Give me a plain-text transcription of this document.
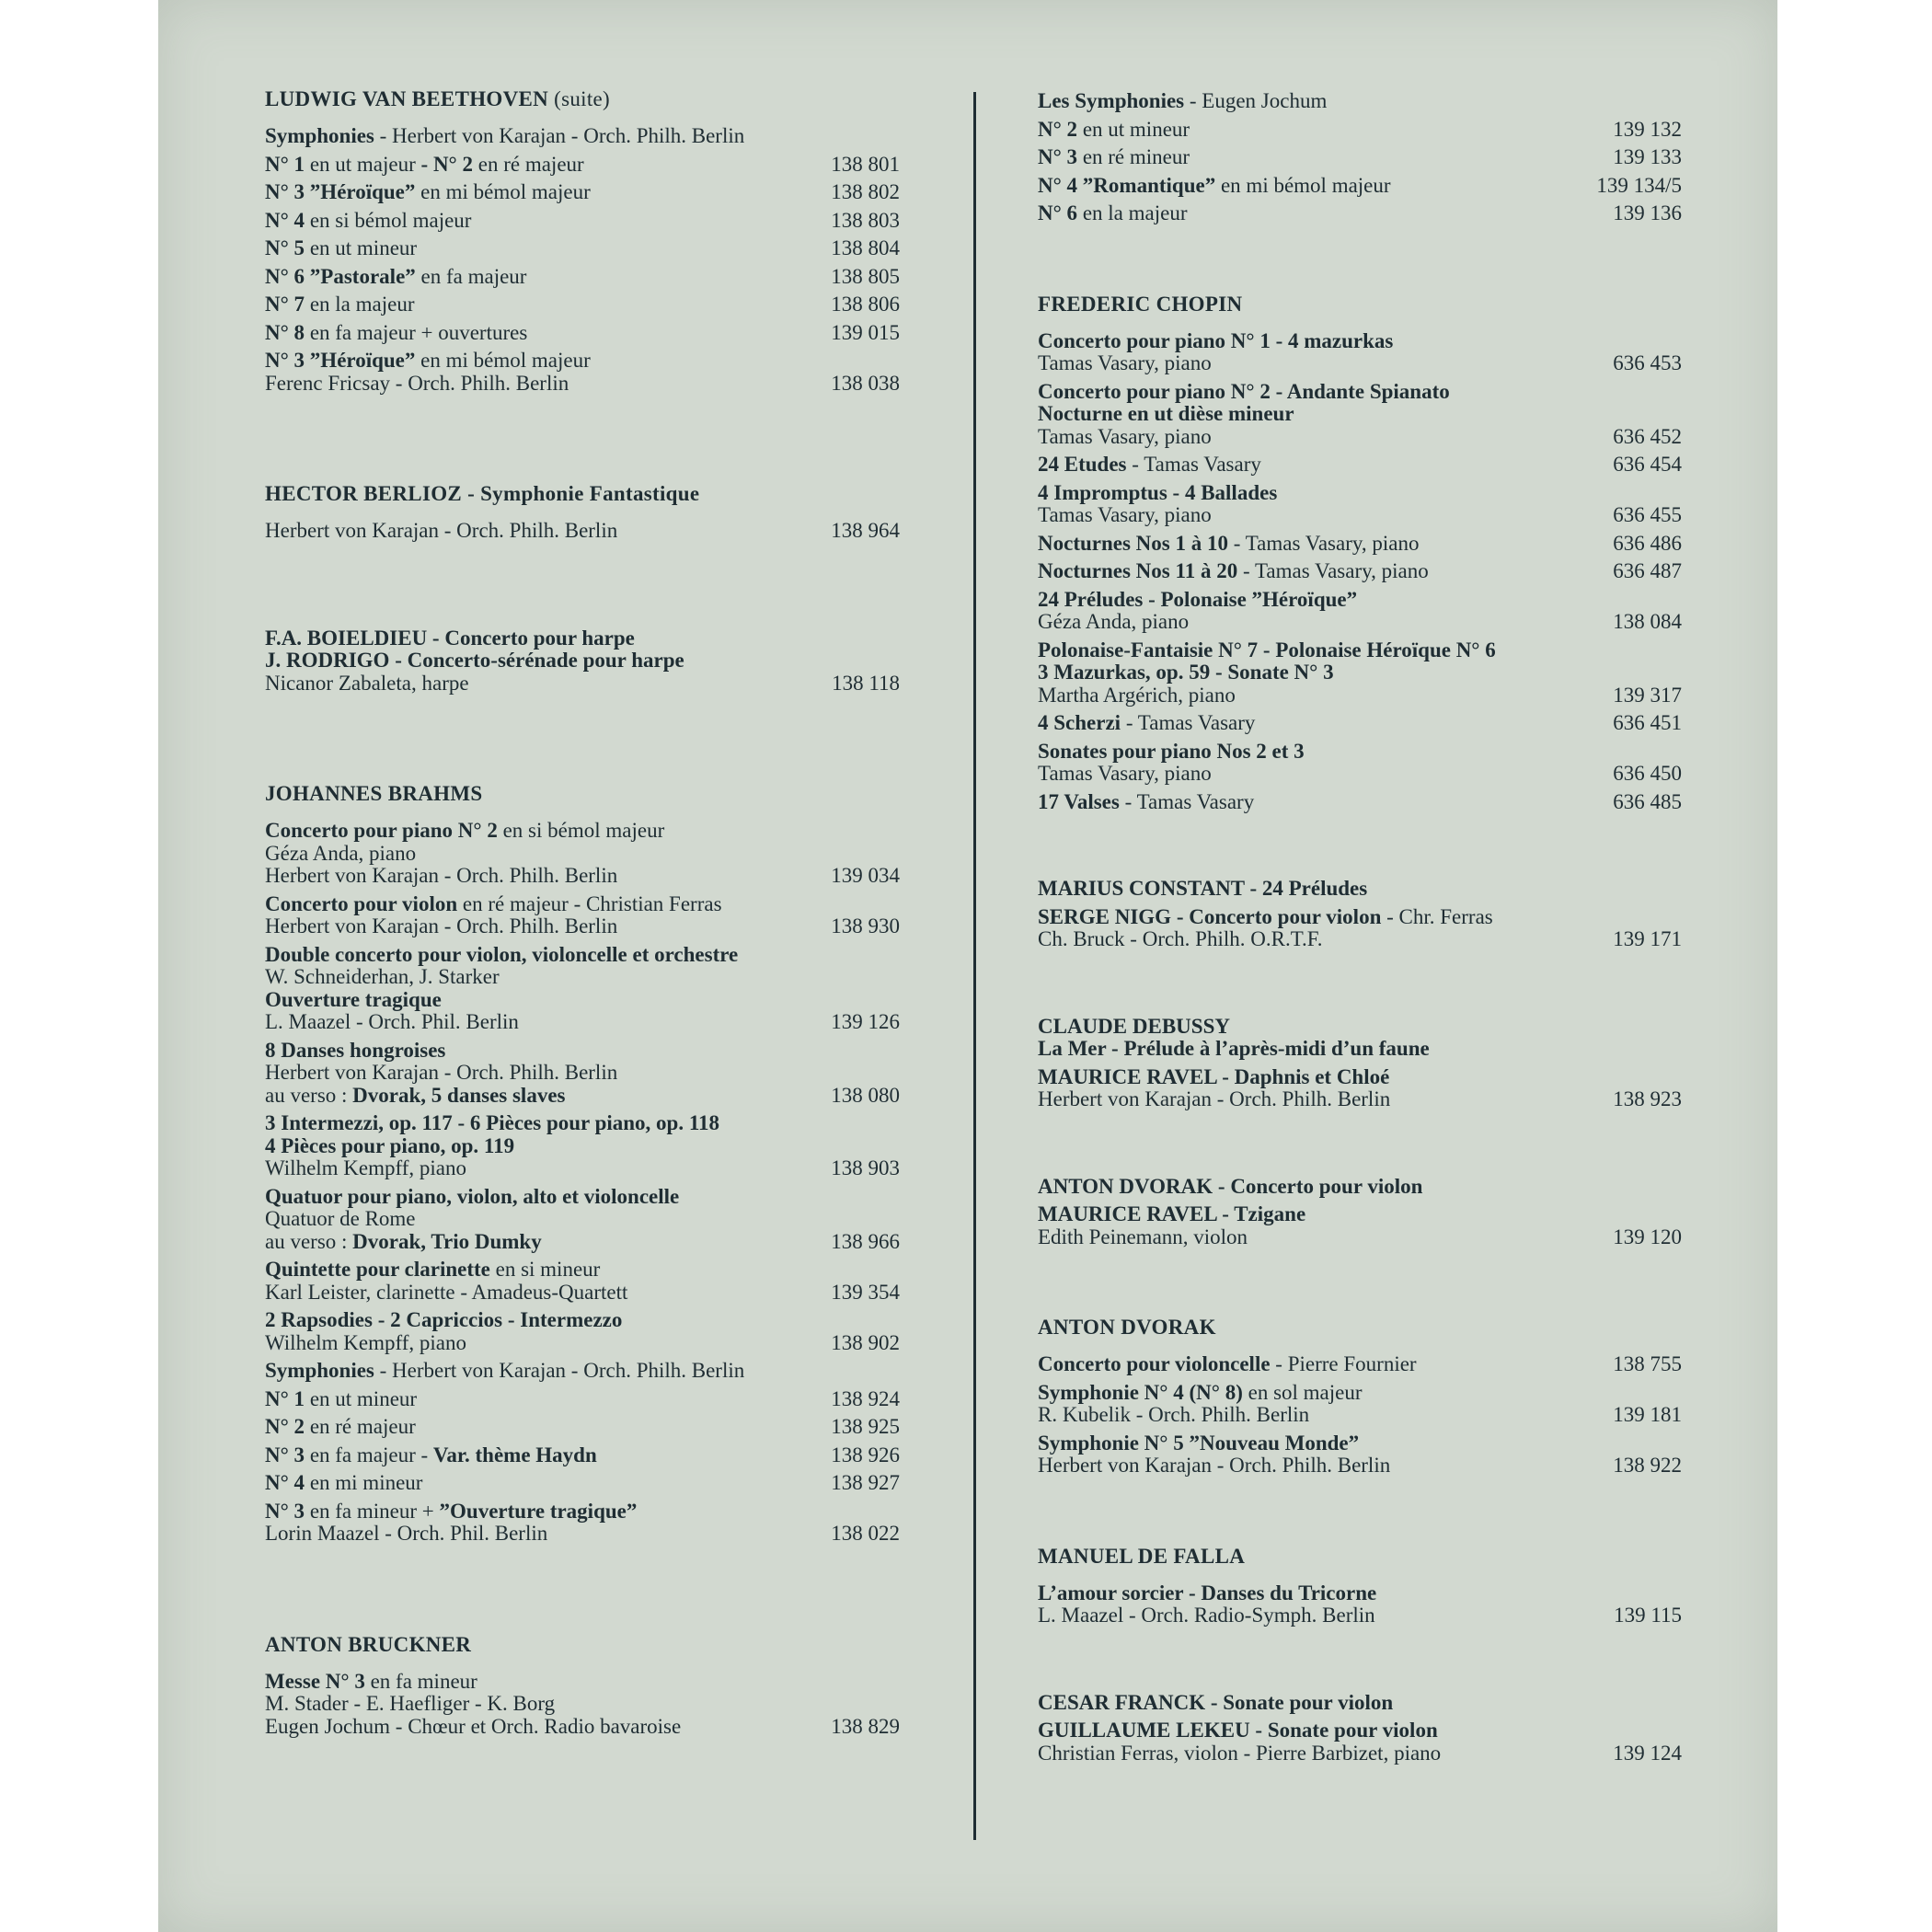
LUDWIG VAN BEETHOVEN (suite)
Symphonies - Herbert von Karajan - Orch. Philh. Berlin
N° 1 en ut majeur - N° 2 en ré majeur	138 801
N° 3 ”Héroïque” en mi bémol majeur	138 802
N° 4 en si bémol majeur	138 803
N° 5 en ut mineur	138 804
N° 6 ”Pastorale” en fa majeur	138 805
N° 7 en la majeur	138 806
N° 8 en fa majeur + ouvertures	139 015
N° 3 ”Héroïque” en mi bémol majeur
Ferenc Fricsay - Orch. Philh. Berlin	138 038
HECTOR BERLIOZ - Symphonie Fantastique
Herbert von Karajan - Orch. Philh. Berlin	138 964
F.A. BOIELDIEU - Concerto pour harpe
J. RODRIGO - Concerto-sérénade pour harpe
Nicanor Zabaleta, harpe	138 118
JOHANNES BRAHMS
Concerto pour piano N° 2 en si bémol majeur
Géza Anda, piano
Herbert von Karajan - Orch. Philh. Berlin	139 034
Concerto pour violon en ré majeur - Christian Ferras
Herbert von Karajan - Orch. Philh. Berlin	138 930
Double concerto pour violon, violoncelle et orchestre
W. Schneiderhan, J. Starker
Ouverture tragique
L. Maazel - Orch. Phil. Berlin	139 126
8 Danses hongroises
Herbert von Karajan - Orch. Philh. Berlin
au verso : Dvorak, 5 danses slaves	138 080
3 Intermezzi, op. 117 - 6 Pièces pour piano, op. 118
4 Pièces pour piano, op. 119
Wilhelm Kempff, piano	138 903
Quatuor pour piano, violon, alto et violoncelle
Quatuor de Rome
au verso : Dvorak, Trio Dumky	138 966
Quintette pour clarinette en si mineur
Karl Leister, clarinette - Amadeus-Quartett	139 354
2 Rapsodies - 2 Capriccios - Intermezzo
Wilhelm Kempff, piano	138 902
Symphonies - Herbert von Karajan - Orch. Philh. Berlin
N° 1 en ut mineur	138 924
N° 2 en ré majeur	138 925
N° 3 en fa majeur - Var. thème Haydn	138 926
N° 4 en mi mineur	138 927
N° 3 en fa mineur + ”Ouverture tragique”
Lorin Maazel - Orch. Phil. Berlin	138 022
ANTON BRUCKNER
Messe N° 3 en fa mineur
M. Stader - E. Haefliger - K. Borg
Eugen Jochum - Chœur et Orch. Radio bavaroise	138 829
Les Symphonies - Eugen Jochum
N° 2 en ut mineur	139 132
N° 3 en ré mineur	139 133
N° 4 ”Romantique” en mi bémol majeur	139 134/5
N° 6 en la majeur	139 136
FREDERIC CHOPIN
Concerto pour piano N° 1 - 4 mazurkas
Tamas Vasary, piano	636 453
Concerto pour piano N° 2 - Andante Spianato
Nocturne en ut dièse mineur
Tamas Vasary, piano	636 452
24 Etudes - Tamas Vasary	636 454
4 Impromptus - 4 Ballades
Tamas Vasary, piano	636 455
Nocturnes Nos 1 à 10 - Tamas Vasary, piano	636 486
Nocturnes Nos 11 à 20 - Tamas Vasary, piano	636 487
24 Préludes - Polonaise ”Héroïque”
Géza Anda, piano	138 084
Polonaise-Fantaisie N° 7 - Polonaise Héroïque N° 6
3 Mazurkas, op. 59 - Sonate N° 3
Martha Argérich, piano	139 317
4 Scherzi - Tamas Vasary	636 451
Sonates pour piano Nos 2 et 3
Tamas Vasary, piano	636 450
17 Valses - Tamas Vasary	636 485
MARIUS CONSTANT - 24 Préludes
SERGE NIGG - Concerto pour violon - Chr. Ferras
Ch. Bruck - Orch. Philh. O.R.T.F.	139 171
CLAUDE DEBUSSY
La Mer - Prélude à l’après-midi d’un faune
MAURICE RAVEL - Daphnis et Chloé
Herbert von Karajan - Orch. Philh. Berlin	138 923
ANTON DVORAK - Concerto pour violon
MAURICE RAVEL - Tzigane
Edith Peinemann, violon	139 120
ANTON DVORAK
Concerto pour violoncelle - Pierre Fournier	138 755
Symphonie N° 4 (N° 8) en sol majeur
R. Kubelik - Orch. Philh. Berlin	139 181
Symphonie N° 5 ”Nouveau Monde”
Herbert von Karajan - Orch. Philh. Berlin	138 922
MANUEL DE FALLA
L’amour sorcier - Danses du Tricorne
L. Maazel - Orch. Radio-Symph. Berlin	139 115
CESAR FRANCK - Sonate pour violon
GUILLAUME LEKEU - Sonate pour violon
Christian Ferras, violon - Pierre Barbizet, piano	139 124
